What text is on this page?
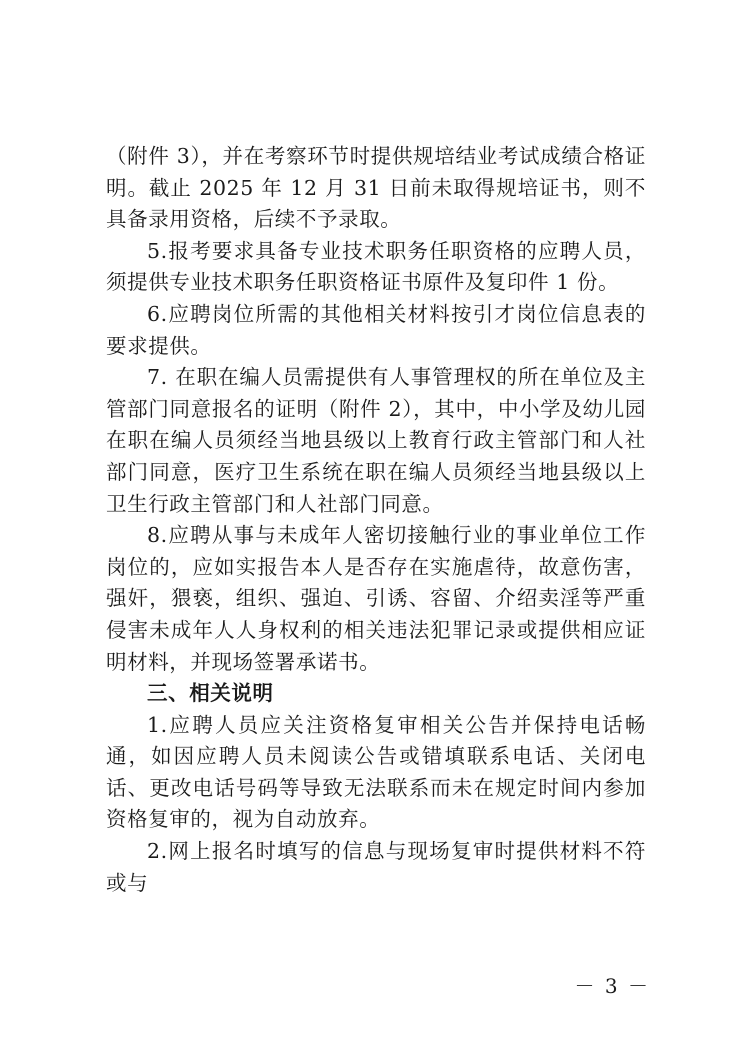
（附件 3），并在考察环节时提供规培结业考试成绩合格证明。截止 2025 年 12 月 31 日前未取得规培证书，则不具备录用资格，后续不予录取。

5.报考要求具备专业技术职务任职资格的应聘人员，须提供专业技术职务任职资格证书原件及复印件 1 份。

6.应聘岗位所需的其他相关材料按引才岗位信息表的要求提供。

7. 在职在编人员需提供有人事管理权的所在单位及主管部门同意报名的证明（附件 2），其中，中小学及幼儿园在职在编人员须经当地县级以上教育行政主管部门和人社部门同意，医疗卫生系统在职在编人员须经当地县级以上卫生行政主管部门和人社部门同意。

8.应聘从事与未成年人密切接触行业的事业单位工作岗位的，应如实报告本人是否存在实施虐待，故意伤害，强奸，猥亵，组织、强迫、引诱、容留、介绍卖淫等严重侵害未成年人人身权利的相关违法犯罪记录或提供相应证明材料，并现场签署承诺书。

三、相关说明

1.应聘人员应关注资格复审相关公告并保持电话畅通，如因应聘人员未阅读公告或错填联系电话、关闭电话、更改电话号码等导致无法联系而未在规定时间内参加资格复审的，视为自动放弃。

2.网上报名时填写的信息与现场复审时提供材料不符或与

－ 3 －
